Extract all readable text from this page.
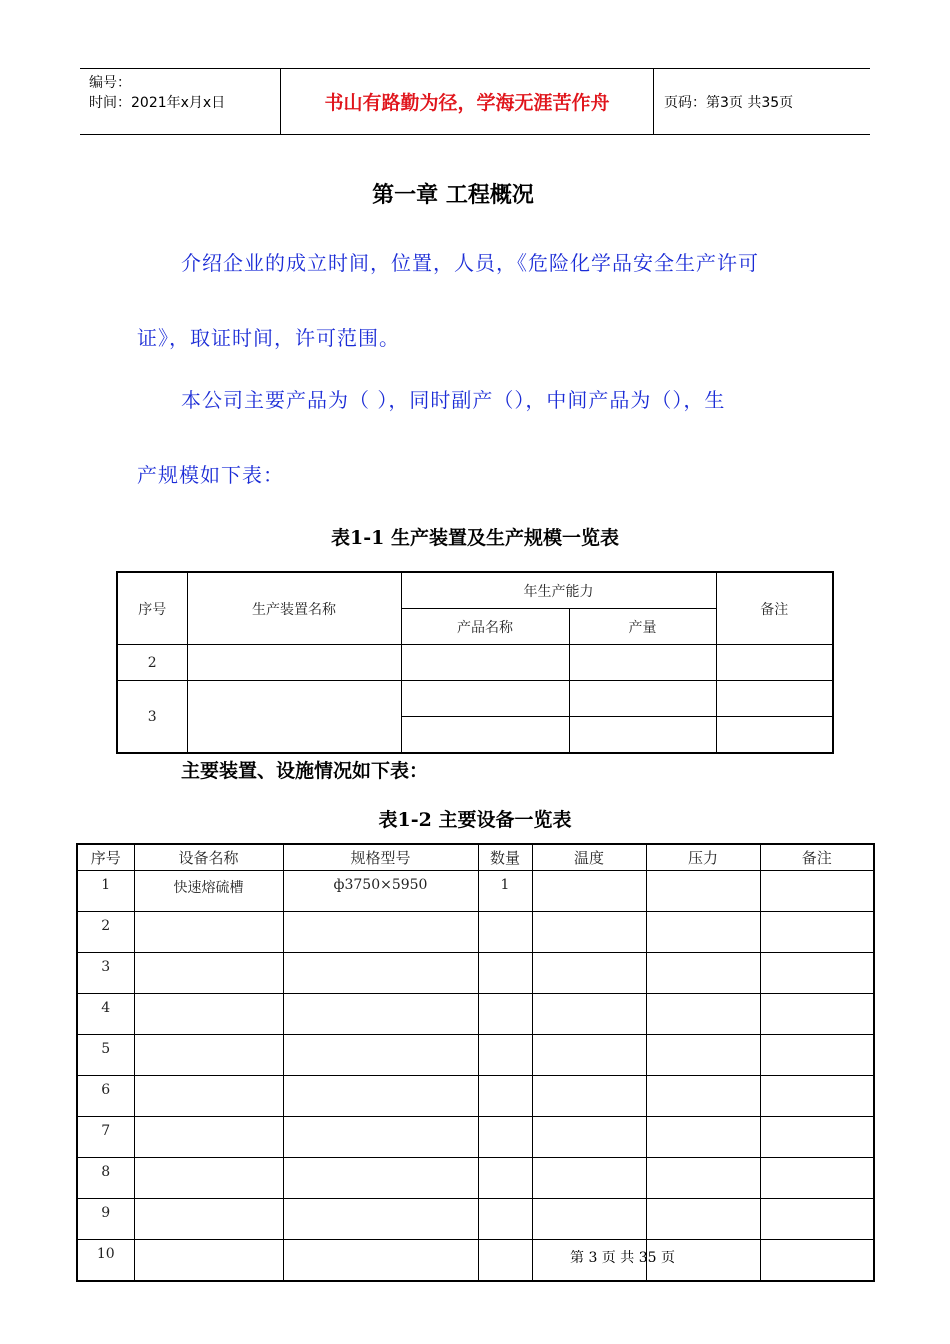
编号：
时间：2021年x月x日	书山有路勤为径，学海无涯苦作舟	页码：第3页 共35页
第一章 工程概况
介绍企业的成立时间，位置，人员，《危险化学品安全生产许可
证》，取证时间，许可范围。
本公司主要产品为（ ），同时副产（），中间产品为（），生
产规模如下表：
表1-1 生产装置及生产规模一览表
序号	生产装置名称	年生产能力		备注
		产品名称	产量	
2				
3				

主要装置、设施情况如下表：
表1-2 主要设备一览表
序号	设备名称	规格型号	数量	温度	压力	备注
1	快速熔硫槽	ф3750×5950	1			
2						
3						
4						
5						
6						
7						
8						
9						
10							第 3 页 共 35 页
